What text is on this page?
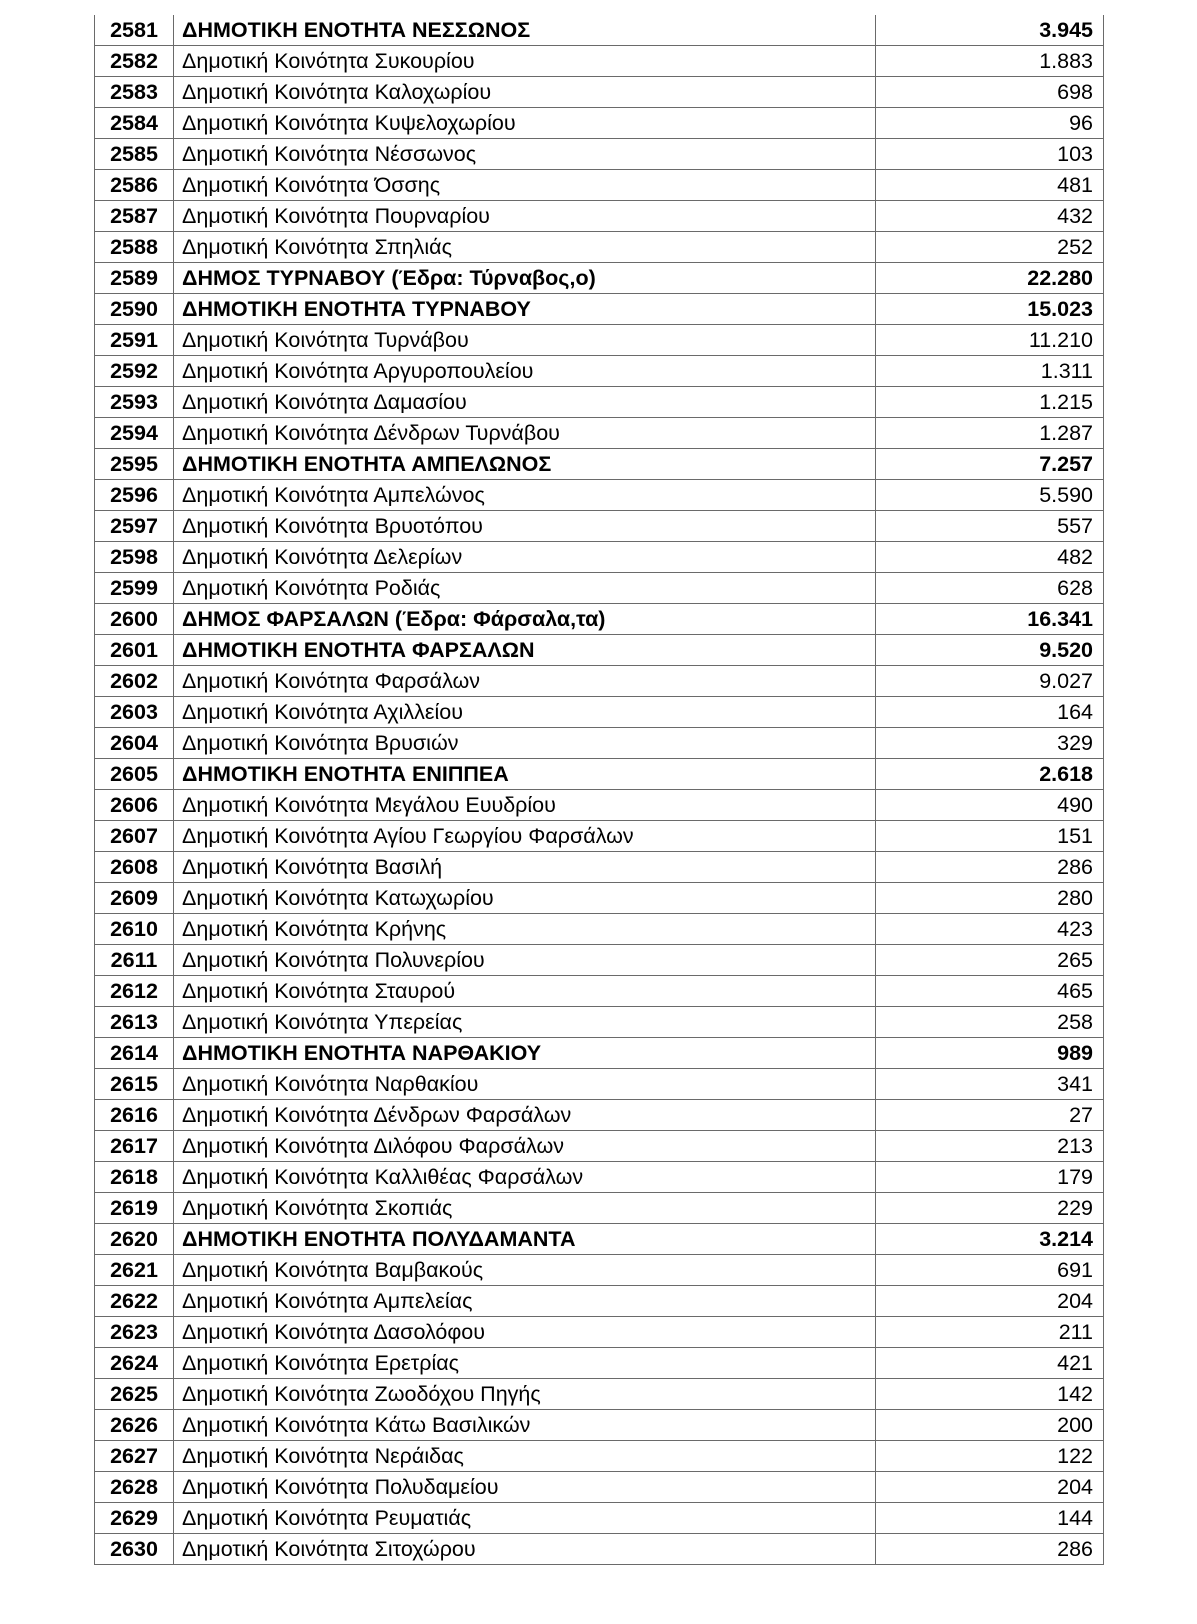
2581	ΔΗΜΟΤΙΚΗ ΕΝΟΤΗΤΑ ΝΕΣΣΩΝΟΣ	3.945
2582	Δημοτική Κοινότητα Συκουρίου	1.883
2583	Δημοτική Κοινότητα Καλοχωρίου	698
2584	Δημοτική Κοινότητα Κυψελοχωρίου	96
2585	Δημοτική Κοινότητα Νέσσωνος	103
2586	Δημοτική Κοινότητα Όσσης	481
2587	Δημοτική Κοινότητα Πουρναρίου	432
2588	Δημοτική Κοινότητα Σπηλιάς	252
2589	ΔΗΜΟΣ ΤΥΡΝΑΒΟΥ (Έδρα: Τύρναβος,ο)	22.280
2590	ΔΗΜΟΤΙΚΗ ΕΝΟΤΗΤΑ ΤΥΡΝΑΒΟΥ	15.023
2591	Δημοτική Κοινότητα Τυρνάβου	11.210
2592	Δημοτική Κοινότητα Αργυροπουλείου	1.311
2593	Δημοτική Κοινότητα Δαμασίου	1.215
2594	Δημοτική Κοινότητα Δένδρων Τυρνάβου	1.287
2595	ΔΗΜΟΤΙΚΗ ΕΝΟΤΗΤΑ ΑΜΠΕΛΩΝΟΣ	7.257
2596	Δημοτική Κοινότητα Αμπελώνος	5.590
2597	Δημοτική Κοινότητα Βρυοτόπου	557
2598	Δημοτική Κοινότητα Δελερίων	482
2599	Δημοτική Κοινότητα Ροδιάς	628
2600	ΔΗΜΟΣ ΦΑΡΣΑΛΩΝ (Έδρα: Φάρσαλα,τα)	16.341
2601	ΔΗΜΟΤΙΚΗ ΕΝΟΤΗΤΑ ΦΑΡΣΑΛΩΝ	9.520
2602	Δημοτική Κοινότητα Φαρσάλων	9.027
2603	Δημοτική Κοινότητα Αχιλλείου	164
2604	Δημοτική Κοινότητα Βρυσιών	329
2605	ΔΗΜΟΤΙΚΗ ΕΝΟΤΗΤΑ ΕΝΙΠΠΕΑ	2.618
2606	Δημοτική Κοινότητα Μεγάλου Ευυδρίου	490
2607	Δημοτική Κοινότητα Αγίου Γεωργίου Φαρσάλων	151
2608	Δημοτική Κοινότητα Βασιλή	286
2609	Δημοτική Κοινότητα Κατωχωρίου	280
2610	Δημοτική Κοινότητα Κρήνης	423
2611	Δημοτική Κοινότητα Πολυνερίου	265
2612	Δημοτική Κοινότητα Σταυρού	465
2613	Δημοτική Κοινότητα Υπερείας	258
2614	ΔΗΜΟΤΙΚΗ ΕΝΟΤΗΤΑ ΝΑΡΘΑΚΙΟΥ	989
2615	Δημοτική Κοινότητα Ναρθακίου	341
2616	Δημοτική Κοινότητα Δένδρων Φαρσάλων	27
2617	Δημοτική Κοινότητα Διλόφου Φαρσάλων	213
2618	Δημοτική Κοινότητα Καλλιθέας Φαρσάλων	179
2619	Δημοτική Κοινότητα Σκοπιάς	229
2620	ΔΗΜΟΤΙΚΗ ΕΝΟΤΗΤΑ ΠΟΛΥΔΑΜΑΝΤΑ	3.214
2621	Δημοτική Κοινότητα Βαμβακούς	691
2622	Δημοτική Κοινότητα Αμπελείας	204
2623	Δημοτική Κοινότητα Δασολόφου	211
2624	Δημοτική Κοινότητα Ερετρίας	421
2625	Δημοτική Κοινότητα Ζωοδόχου Πηγής	142
2626	Δημοτική Κοινότητα Κάτω Βασιλικών	200
2627	Δημοτική Κοινότητα Νεράιδας	122
2628	Δημοτική Κοινότητα Πολυδαμείου	204
2629	Δημοτική Κοινότητα Ρευματιάς	144
2630	Δημοτική Κοινότητα Σιτοχώρου	286
